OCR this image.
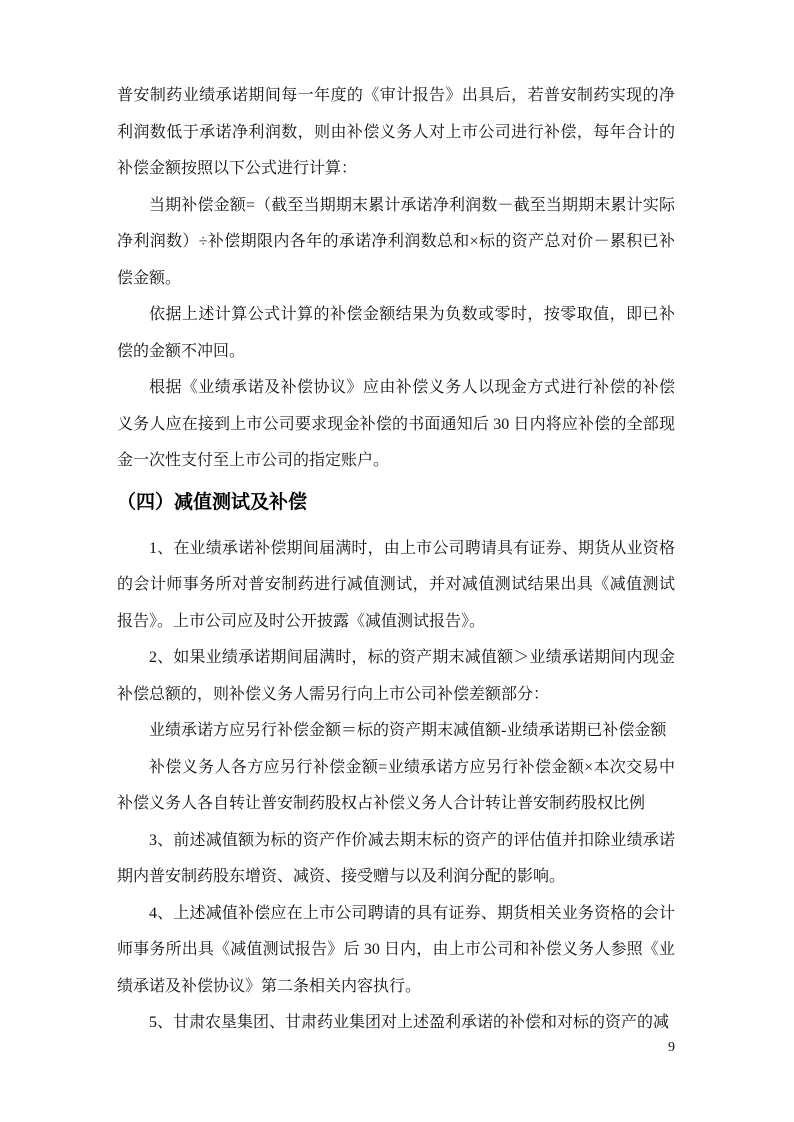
普安制药业绩承诺期间每一年度的《审计报告》出具后，若普安制药实现的净利润数低于承诺净利润数，则由补偿义务人对上市公司进行补偿，每年合计的补偿金额按照以下公式进行计算：

当期补偿金额=（截至当期期末累计承诺净利润数－截至当期期末累计实际净利润数）÷补偿期限内各年的承诺净利润数总和×标的资产总对价－累积已补偿金额。

依据上述计算公式计算的补偿金额结果为负数或零时，按零取值，即已补偿的金额不冲回。

根据《业绩承诺及补偿协议》应由补偿义务人以现金方式进行补偿的补偿义务人应在接到上市公司要求现金补偿的书面通知后 30 日内将应补偿的全部现金一次性支付至上市公司的指定账户。

（四）减值测试及补偿

1、在业绩承诺补偿期间届满时，由上市公司聘请具有证券、期货从业资格的会计师事务所对普安制药进行减值测试，并对减值测试结果出具《减值测试报告》。上市公司应及时公开披露《减值测试报告》。

2、如果业绩承诺期间届满时，标的资产期末减值额＞业绩承诺期间内现金补偿总额的，则补偿义务人需另行向上市公司补偿差额部分：

业绩承诺方应另行补偿金额＝标的资产期末减值额-业绩承诺期已补偿金额

补偿义务人各方应另行补偿金额=业绩承诺方应另行补偿金额×本次交易中补偿义务人各自转让普安制药股权占补偿义务人合计转让普安制药股权比例

3、前述减值额为标的资产作价减去期末标的资产的评估值并扣除业绩承诺期内普安制药股东增资、减资、接受赠与以及利润分配的影响。

4、上述减值补偿应在上市公司聘请的具有证券、期货相关业务资格的会计师事务所出具《减值测试报告》后 30 日内，由上市公司和补偿义务人参照《业绩承诺及补偿协议》第二条相关内容执行。

5、甘肃农垦集团、甘肃药业集团对上述盈利承诺的补偿和对标的资产的减

9
